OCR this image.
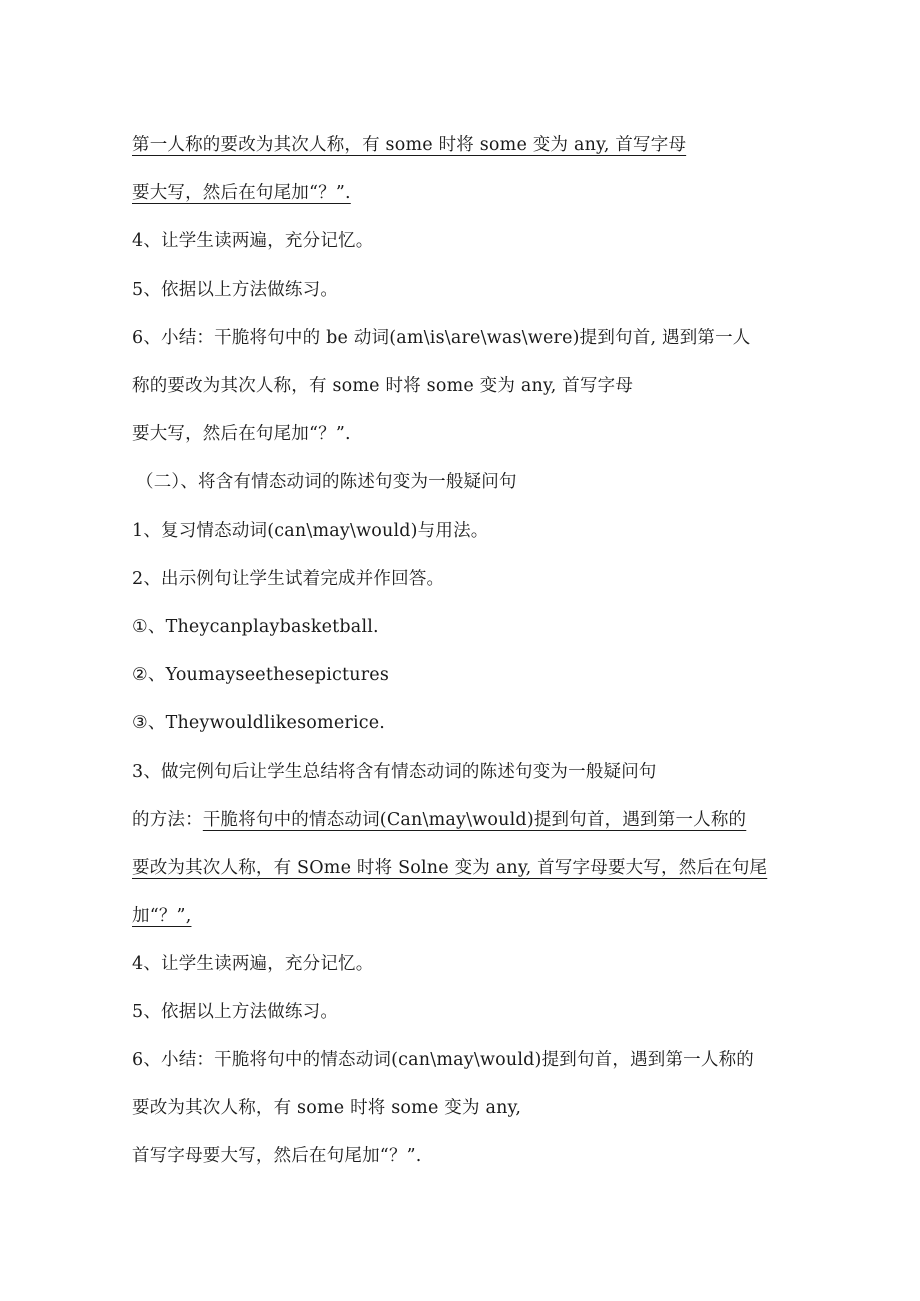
第一人称的要改为其次人称，有 some 时将 some 变为 any, 首写字母
要大写，然后在句尾加“？”.
4、让学生读两遍，充分记忆。
5、依据以上方法做练习。
6、小结：干脆将句中的 be 动词(am\is\are\was\were)提到句首, 遇到第一人
称的要改为其次人称，有 some 时将 some 变为 any, 首写字母
要大写，然后在句尾加“？”.
（二）、将含有情态动词的陈述句变为一般疑问句
1、复习情态动词(can\may\would)与用法。
2、出示例句让学生试着完成并作回答。
①、Theycanplaybasketball.
②、Youmayseethesepictures
③、Theywouldlikesomerice.
3、做完例句后让学生总结将含有情态动词的陈述句变为一般疑问句
的方法：干脆将句中的情态动词(Can\may\would)提到句首，遇到第一人称的
要改为其次人称，有 SOme 时将 Solne 变为 any, 首写字母要大写，然后在句尾
加“？”,
4、让学生读两遍，充分记忆。
5、依据以上方法做练习。
6、小结：干脆将句中的情态动词(can\may\would)提到句首，遇到第一人称的
要改为其次人称，有 some 时将 some 变为 any,
首写字母要大写，然后在句尾加“？”.
